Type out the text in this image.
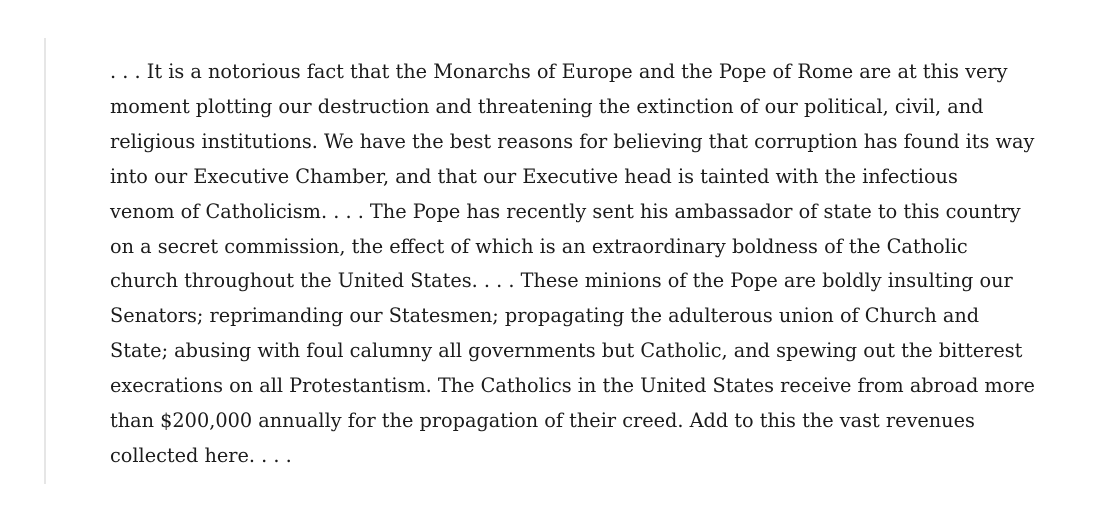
. . . It is a notorious fact that the Monarchs of Europe and the Pope of Rome are at this very
moment plotting our destruction and threatening the extinction of our political, civil, and
religious institutions. We have the best reasons for believing that corruption has found its way
into our Executive Chamber, and that our Executive head is tainted with the infectious
venom of Catholicism. . . . The Pope has recently sent his ambassador of state to this country
on a secret commission, the effect of which is an extraordinary boldness of the Catholic
church throughout the United States. . . . These minions of the Pope are boldly insulting our
Senators; reprimanding our Statesmen; propagating the adulterous union of Church and
State; abusing with foul calumny all governments but Catholic, and spewing out the bitterest
execrations on all Protestantism. The Catholics in the United States receive from abroad more
than $200,000 annually for the propagation of their creed. Add to this the vast revenues
collected here. . . .
